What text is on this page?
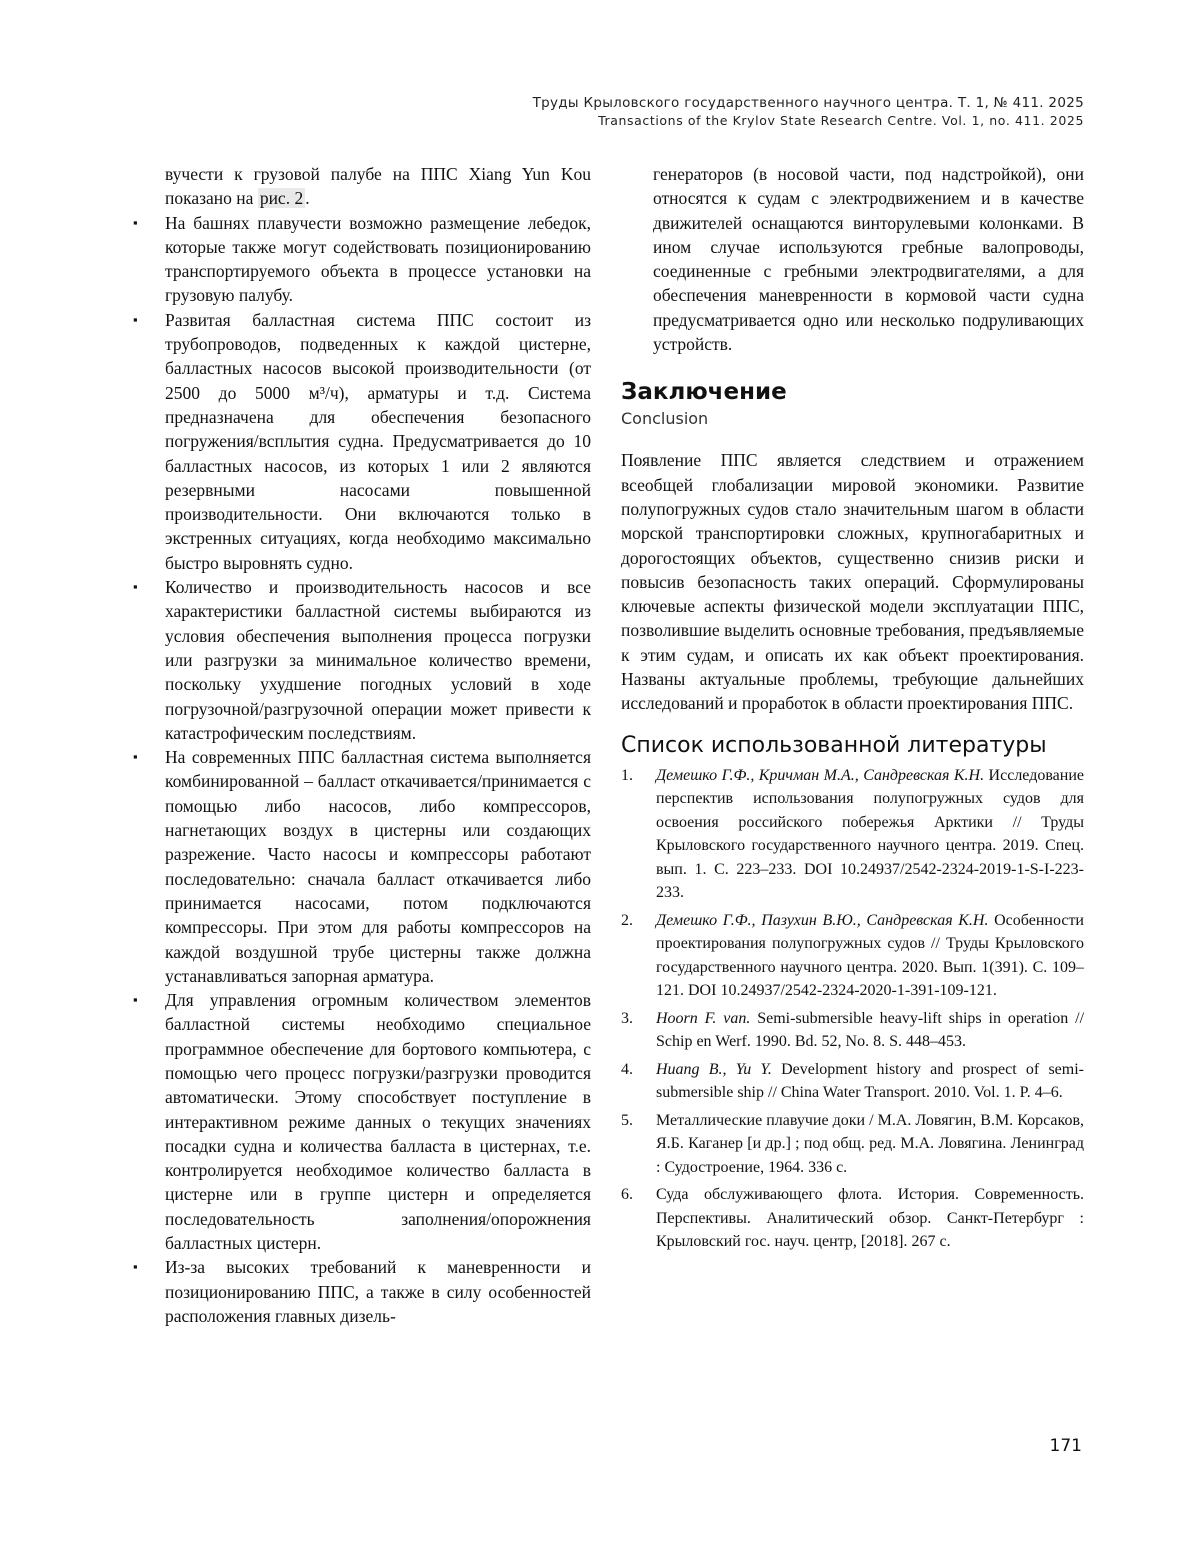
Труды Крыловского государственного научного центра. Т. 1, № 411. 2025
Transactions of the Krylov State Research Centre. Vol. 1, no. 411. 2025
вучести к грузовой палубе на ППС Xiang Yun Kou показано на рис. 2 .
▪ На башнях плавучести возможно размещение лебедок, которые также могут содействовать позиционированию транспортируемого объекта в процессе установки на грузовую палубу.
▪ Развитая балластная система ППС состоит из трубопроводов, подведенных к каждой цистерне, балластных насосов высокой производительности (от 2500 до 5000 м³/ч), арматуры и т.д. Система предназначена для обеспечения безопасного погружения/всплытия судна. Предусматривается до 10 балластных насосов, из которых 1 или 2 являются резервными насосами повышенной производительности. Они включаются только в экстренных ситуациях, когда необходимо максимально быстро выровнять судно.
▪ Количество и производительность насосов и все характеристики балластной системы выбираются из условия обеспечения выполнения процесса погрузки или разгрузки за минимальное количество времени, поскольку ухудшение погодных условий в ходе погрузочной/разгрузочной операции может привести к катастрофическим последствиям.
▪ На современных ППС балластная система выполняется комбинированной – балласт откачивается/принимается с помощью либо насосов, либо компрессоров, нагнетающих воздух в цистерны или создающих разрежение. Часто насосы и компрессоры работают последовательно: сначала балласт откачивается либо принимается насосами, потом подключаются компрессоры. При этом для работы компрессоров на каждой воздушной трубе цистерны также должна устанавливаться запорная арматура.
▪ Для управления огромным количеством элементов балластной системы необходимо специальное программное обеспечение для бортового компьютера, с помощью чего процесс погрузки/разгрузки проводится автоматически. Этому способствует поступление в интерактивном режиме данных о текущих значениях посадки судна и количества балласта в цистернах, т.е. контролируется необходимое количество балласта в цистерне или в группе цистерн и определяется последовательность заполнения/опорожнения балластных цистерн.
▪ Из-за высоких требований к маневренности и позиционированию ППС, а также в силу особенностей расположения главных дизель-
генераторов (в носовой части, под надстройкой), они относятся к судам с электродвижением и в качестве движителей оснащаются винторулевыми колонками. В ином случае используются гребные валопроводы, соединенные с гребными электродвигателями, а для обеспечения маневренности в кормовой части судна предусматривается одно или несколько подруливающих устройств.
Заключение
Conclusion
Появление ППС является следствием и отражением всеобщей глобализации мировой экономики. Развитие полупогружных судов стало значительным шагом в области морской транспортировки сложных, крупногабаритных и дорогостоящих объектов, существенно снизив риски и повысив безопасность таких операций. Сформулированы ключевые аспекты физической модели эксплуатации ППС, позволившие выделить основные требования, предъявляемые к этим судам, и описать их как объект проектирования. Названы актуальные проблемы, требующие дальнейших исследований и проработок в области проектирования ППС.
Список использованной литературы
1. Демешко Г.Ф., Кричман М.А., Сандревская К.Н. Исследование перспектив использования полупогружных судов для освоения российского побережья Арктики // Труды Крыловского государственного научного центра. 2019. Спец. вып. 1. С. 223–233. DOI 10.24937/2542-2324-2019-1-S-I-223-233.
2. Демешко Г.Ф., Пазухин В.Ю., Сандревская К.Н. Особенности проектирования полупогружных судов // Труды Крыловского государственного научного центра. 2020. Вып. 1(391). С. 109–121. DOI 10.24937/2542-2324-2020-1-391-109-121.
3. Hoorn F. van. Semi-submersible heavy-lift ships in operation // Schip en Werf. 1990. Bd. 52, No. 8. S. 448–453.
4. Huang B., Yu Y. Development history and prospect of semi-submersible ship // China Water Transport. 2010. Vol. 1. P. 4–6.
5. Металлические плавучие доки / М.А. Ловягин, В.М. Корсаков, Я.Б. Каганер [и др.] ; под общ. ред. М.А. Ловягина. Ленинград : Судостроение, 1964. 336 с.
6. Суда обслуживающего флота. История. Современность. Перспективы. Аналитический обзор. Санкт-Петербург : Крыловский гос. науч. центр, [2018]. 267 с.
171
